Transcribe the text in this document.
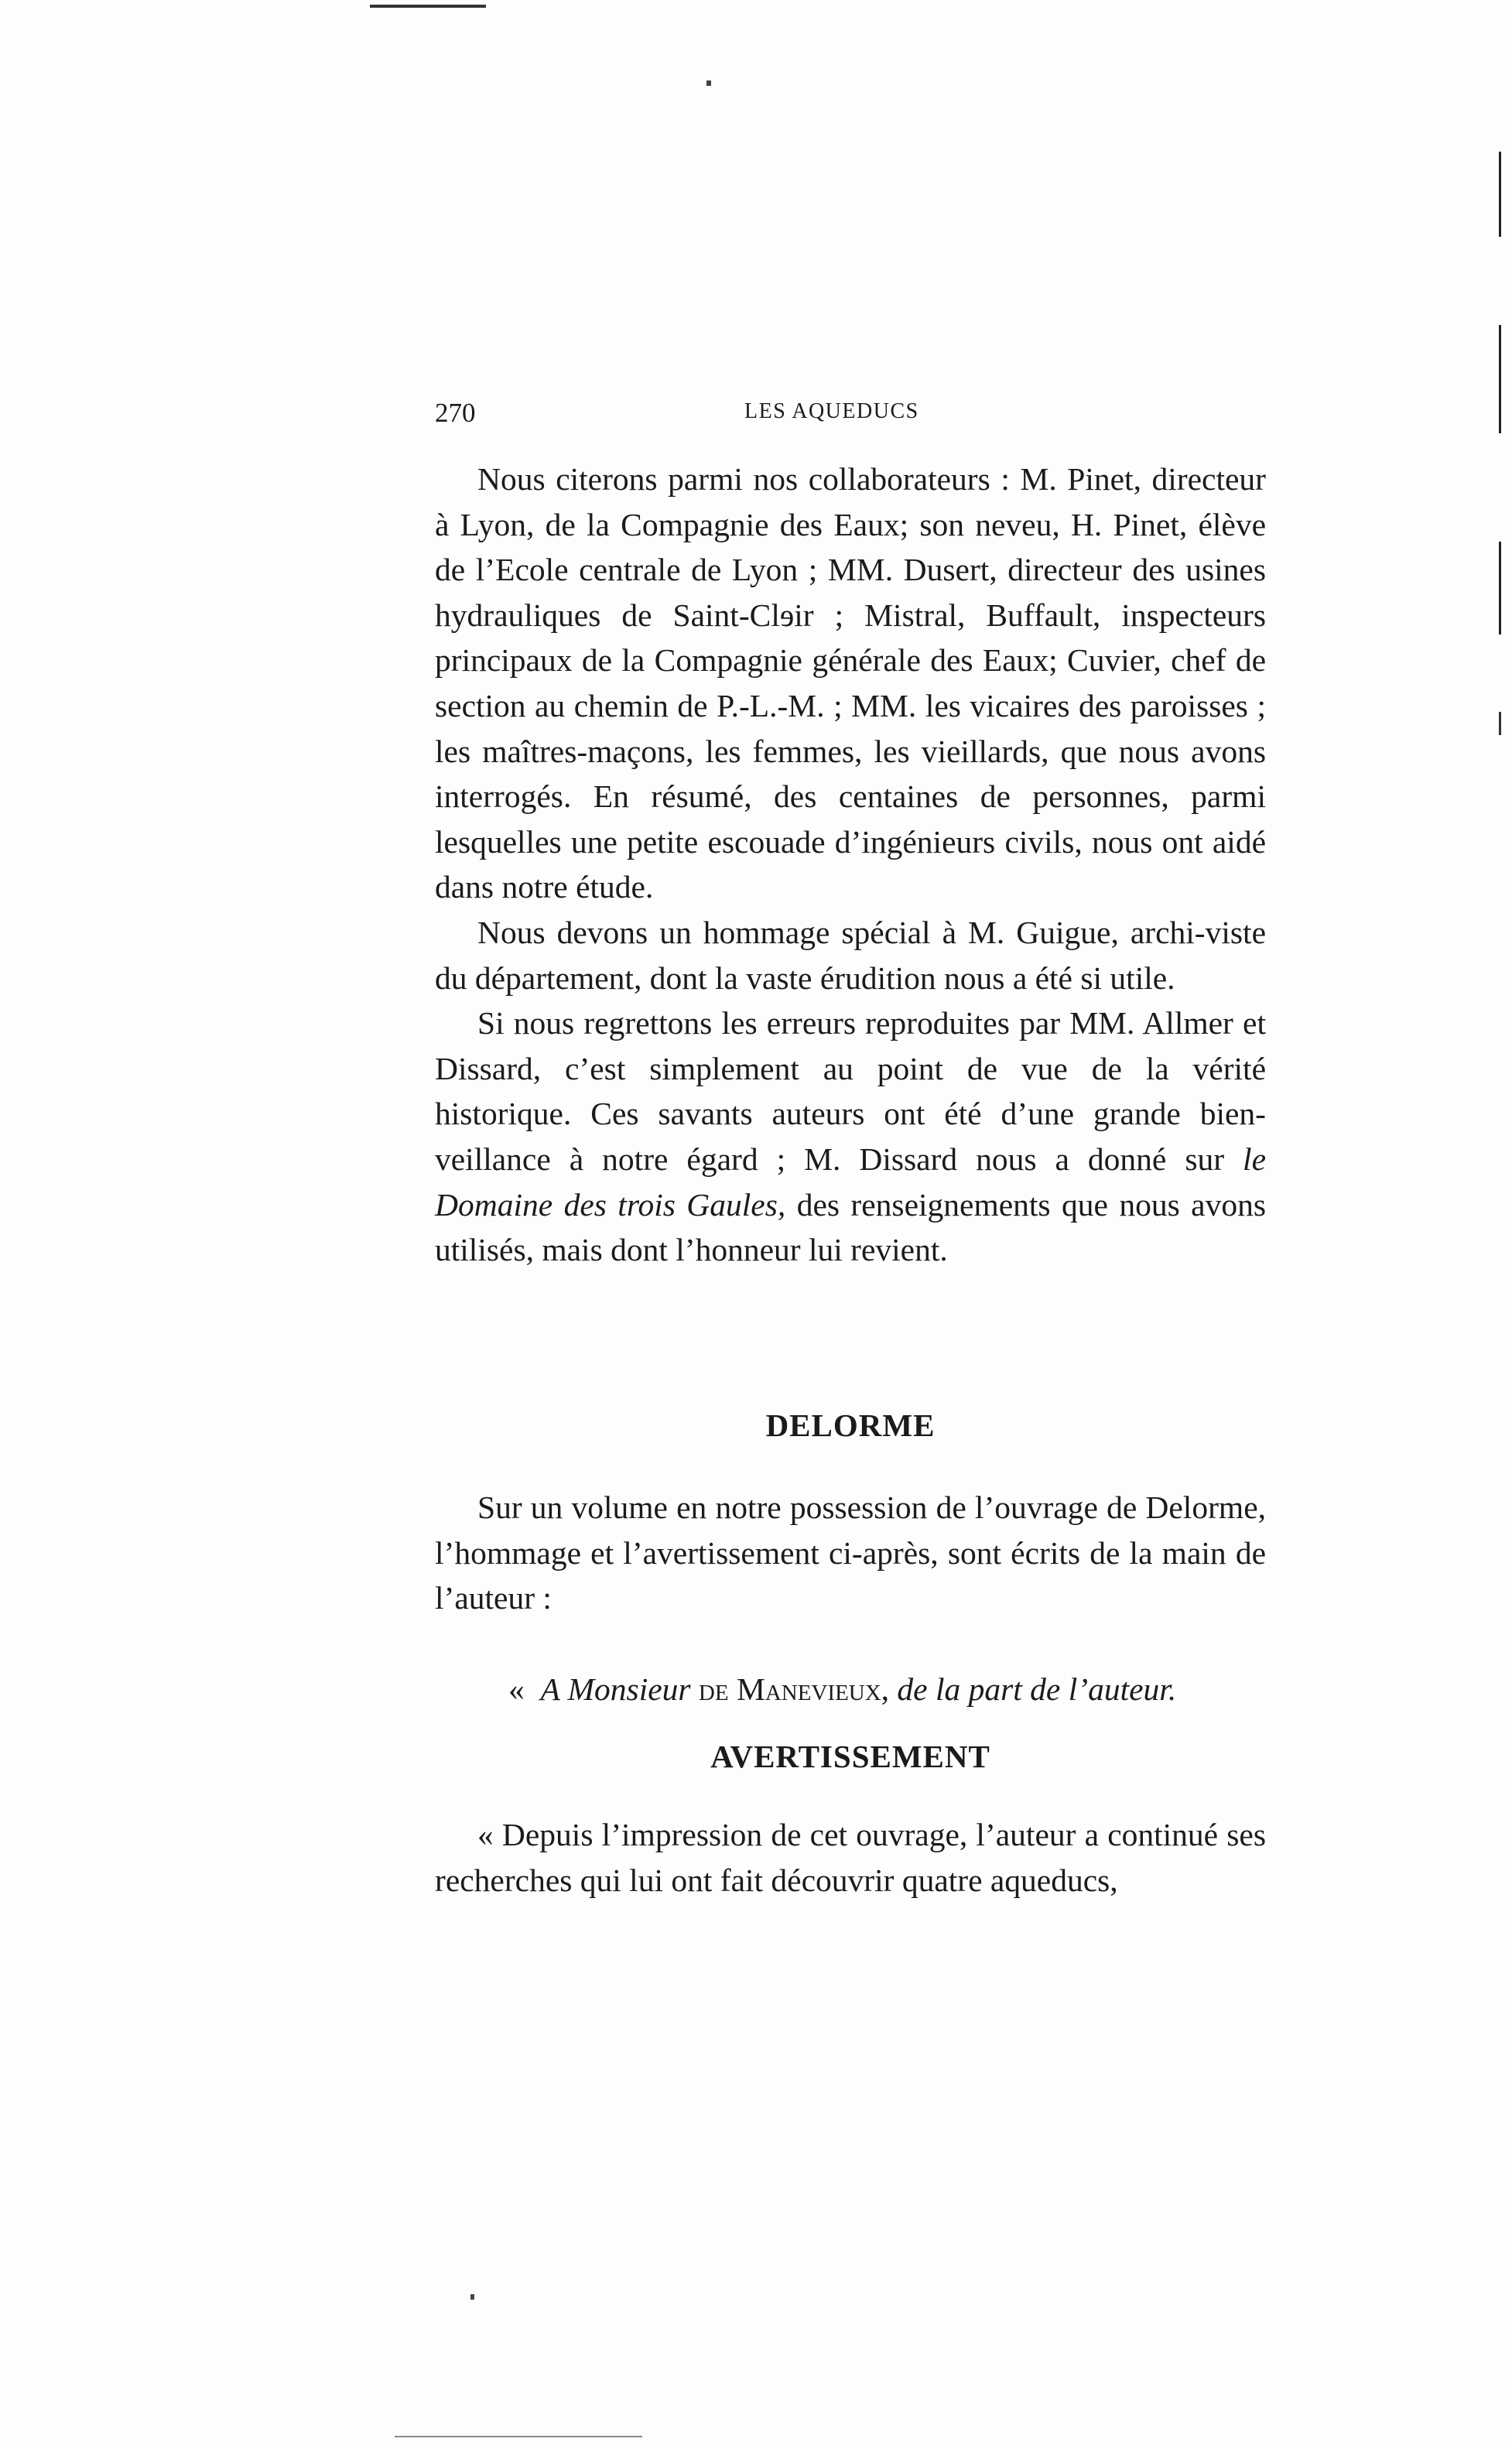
270	LES AQUEDUCS

Nous citerons parmi nos collaborateurs : M. Pinet, directeur à Lyon, de la Compagnie des Eaux; son neveu, H. Pinet, élève de l’Ecole centrale de Lyon ; MM. Dusert, directeur des usines hydrauliques de Saint-Clɘir ; Mistral, Buffault, inspecteurs principaux de la Compagnie générale des Eaux; Cuvier, chef de section au chemin de P.-L.-M. ; MM. les vicaires des paroisses ; les maîtres-maçons, les femmes, les vieillards, que nous avons interrogés. En résumé, des centaines de personnes, parmi lesquelles une petite escouade d’ingénieurs civils, nous ont aidé dans notre étude.

Nous devons un hommage spécial à M. Guigue, archi-viste du département, dont la vaste érudition nous a été si utile.

Si nous regrettons les erreurs reproduites par MM. Allmer et Dissard, c’est simplement au point de vue de la vérité historique. Ces savants auteurs ont été d’une grande bien-veillance à notre égard ; M. Dissard nous a donné sur le Domaine des trois Gaules, des renseignements que nous avons utilisés, mais dont l’honneur lui revient.

DELORME

Sur un volume en notre possession de l’ouvrage de Delorme, l’hommage et l’avertissement ci-après, sont écrits de la main de l’auteur :

« A Monsieur de Manevieux, de la part de l’auteur.

AVERTISSEMENT

« Depuis l’impression de cet ouvrage, l’auteur a continué ses recherches qui lui ont fait découvrir quatre aqueducs,
